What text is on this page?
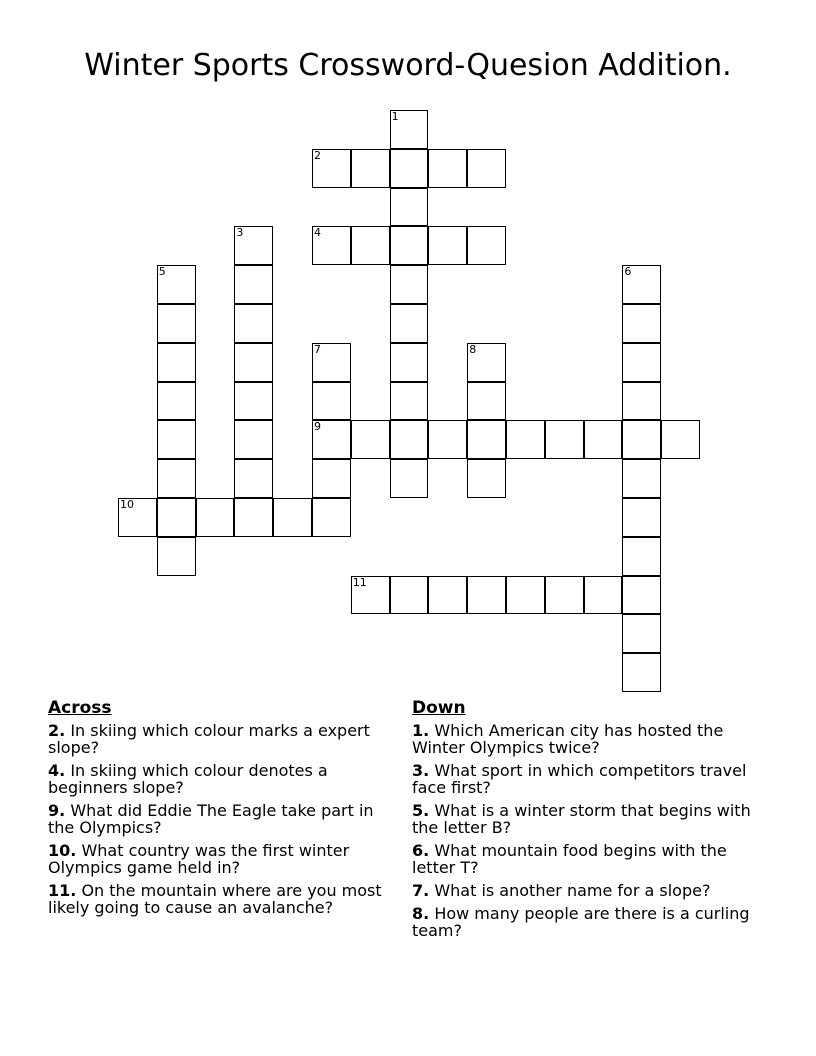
Winter Sports Crossword-Quesion Addition.
1
2
3	4
5	6
7
9
8
10
11
Across
2. In skiing which colour marks a expert slope?
4. In skiing which colour denotes a beginners slope?
9. What did Eddie The Eagle take part in the Olympics?
10. What country was the first winter Olympics game held in?
11. On the mountain where are you most likely going to cause an avalanche?
Down
1. Which American city has hosted the Winter Olympics twice?
3. What sport in which competitors travel face first?
5. What is a winter storm that begins with the letter B?
6. What mountain food begins with the letter T?
7. What is another name for a slope?
8. How many people are there is a curling team?
